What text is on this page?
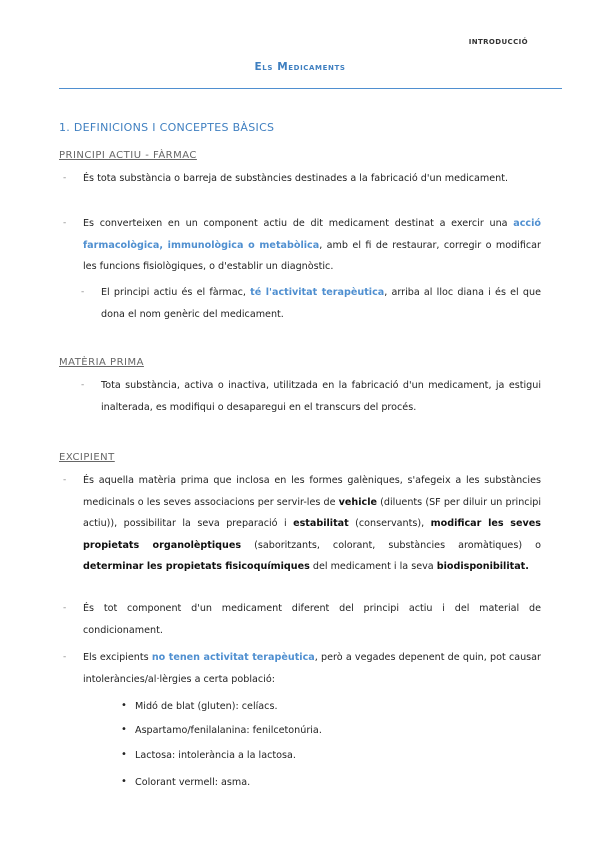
INTRODUCCIÓ
Els Medicaments
1. DEFINICIONS I CONCEPTES BÀSICS
PRINCIPI ACTIU - FÀRMAC
- És tota substància o barreja de substàncies destinades a la fabricació d'un medicament.
- Es converteixen en un component actiu de dit medicament destinat a exercir una acció farmacològica, immunològica o metabòlica, amb el fi de restaurar, corregir o modificar les funcions fisiològiques, o d'establir un diagnòstic.
- El principi actiu és el fàrmac, té l'activitat terapèutica, arriba al lloc diana i és el que dona el nom genèric del medicament.
MATÈRIA PRIMA
- Tota substància, activa o inactiva, utilitzada en la fabricació d'un medicament, ja estigui inalterada, es modifiqui o desaparegui en el transcurs del procés.
EXCIPIENT
- És aquella matèria prima que inclosa en les formes galèniques, s'afegeix a les substàncies medicinals o les seves associacions per servir-les de vehicle (diluents (SF per diluir un principi actiu)), possibilitar la seva preparació i estabilitat (conservants), modificar les seves propietats organolèptiques (saboritzants, colorant, substàncies aromàtiques) o determinar les propietats fisicoquímiques del medicament i la seva biodisponibilitat.
- És tot component d'un medicament diferent del principi actiu i del material de condicionament.
- Els excipients no tenen activitat terapèutica, però a vegades depenent de quin, pot causar intoleràncies/al·lèrgies a certa població:
• Midó de blat (gluten): celíacs.
• Aspartamo/fenilalanina: fenilcetonúria.
• Lactosa: intolerància a la lactosa.
• Colorant vermell: asma.
